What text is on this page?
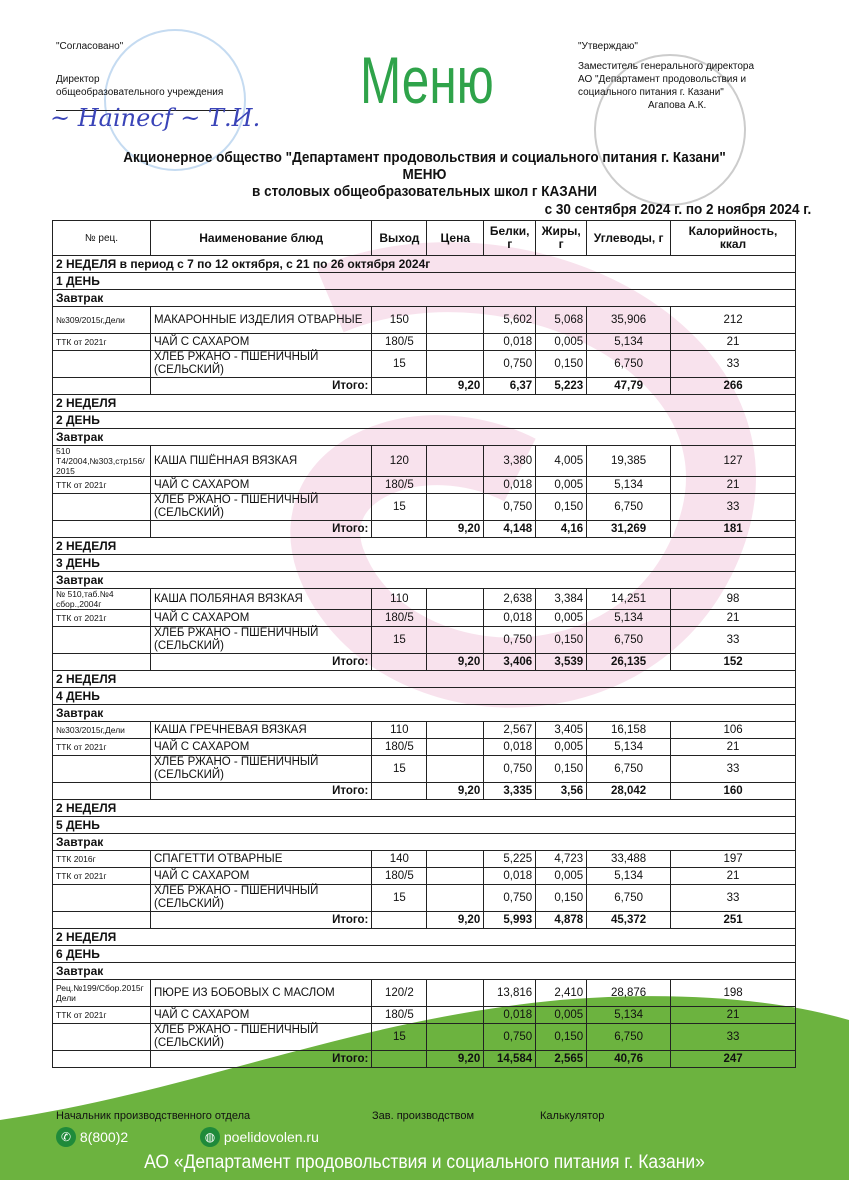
"Согласовано"
Директор
общеобразовательного учреждения
~ Hainecf ~ Т.И.
Меню	"Утверждаю"
Заместитель генерального директора
АО "Департамент продовольствия и
социального питания г. Казани"
Агапова А.К.
Акционерное общество "Департамент продовольствия и социального питания г. Казани"
МЕНЮ
в столовых общеобразовательных школ г КАЗАНИ
с 30 сентября 2024 г. по 2 ноября 2024 г.
№ рец.	Наименование блюд	Выход	Цена	Белки, г	Жиры, г	Углеводы, г	Калорийность, ккал
2 НЕДЕЛЯ в период с 7 по 12 октября, с 21 по 26 октября 2024г							
1 ДЕНЬ							
Завтрак							
№309/2015г,Дели	МАКАРОННЫЕ ИЗДЕЛИЯ ОТВАРНЫЕ	150		5,602	5,068	35,906	212
ТТК от 2021г	ЧАЙ С САХАРОМ	180/5		0,018	0,005	5,134	21
	ХЛЕБ РЖАНО - ПШЕНИЧНЫЙ (СЕЛЬСКИЙ)	15		0,750	0,150	6,750	33
	Итого:		9,20	6,37	5,223	47,79	266
2 НЕДЕЛЯ							
2 ДЕНЬ							
Завтрак							
510 Т4/2004,№303,стр156/ 2015	КАША ПШЁННАЯ ВЯЗКАЯ	120		3,380	4,005	19,385	127
ТТК от 2021г	ЧАЙ С САХАРОМ	180/5		0,018	0,005	5,134	21
	ХЛЕБ РЖАНО - ПШЕНИЧНЫЙ (СЕЛЬСКИЙ)	15		0,750	0,150	6,750	33
	Итого:		9,20	4,148	4,16	31,269	181
2 НЕДЕЛЯ							
3 ДЕНЬ							
Завтрак							
№ 510,таб.№4 сбор.,2004г	КАША ПОЛБЯНАЯ ВЯЗКАЯ	110		2,638	3,384	14,251	98
ТТК от 2021г	ЧАЙ С САХАРОМ	180/5		0,018	0,005	5,134	21
	ХЛЕБ РЖАНО - ПШЕНИЧНЫЙ (СЕЛЬСКИЙ)	15		0,750	0,150	6,750	33
	Итого:		9,20	3,406	3,539	26,135	152
2 НЕДЕЛЯ							
4 ДЕНЬ							
Завтрак							
№303/2015г,Дели	КАША ГРЕЧНЕВАЯ ВЯЗКАЯ	110		2,567	3,405	16,158	106
ТТК от 2021г	ЧАЙ С САХАРОМ	180/5		0,018	0,005	5,134	21
	ХЛЕБ РЖАНО - ПШЕНИЧНЫЙ (СЕЛЬСКИЙ)	15		0,750	0,150	6,750	33
	Итого:		9,20	3,335	3,56	28,042	160
2 НЕДЕЛЯ							
5 ДЕНЬ							
Завтрак							
ТТК 2016г	СПАГЕТТИ ОТВАРНЫЕ	140		5,225	4,723	33,488	197
ТТК от 2021г	ЧАЙ С САХАРОМ	180/5		0,018	0,005	5,134	21
	ХЛЕБ РЖАНО - ПШЕНИЧНЫЙ (СЕЛЬСКИЙ)	15		0,750	0,150	6,750	33
	Итого:		9,20	5,993	4,878	45,372	251
2 НЕДЕЛЯ							
6 ДЕНЬ							
Завтрак							
Рец.№199/Сбор.2015г Дели	ПЮРЕ ИЗ БОБОВЫХ С МАСЛОМ	120/2		13,816	2,410	28,876	198
ТТК от 2021г	ЧАЙ С САХАРОМ	180/5		0,018	0,005	5,134	21
	ХЛЕБ РЖАНО - ПШЕНИЧНЫЙ (СЕЛЬСКИЙ)	15		0,750	0,150	6,750	33
	Итого:		9,20	14,584	2,565	40,76	247
Начальник производственного отдела	Зав. производством	Калькулятор
✆ 8(800)2	◍ poelidovolen.ru
АО «Департамент продовольствия и социального питания г. Казани»
